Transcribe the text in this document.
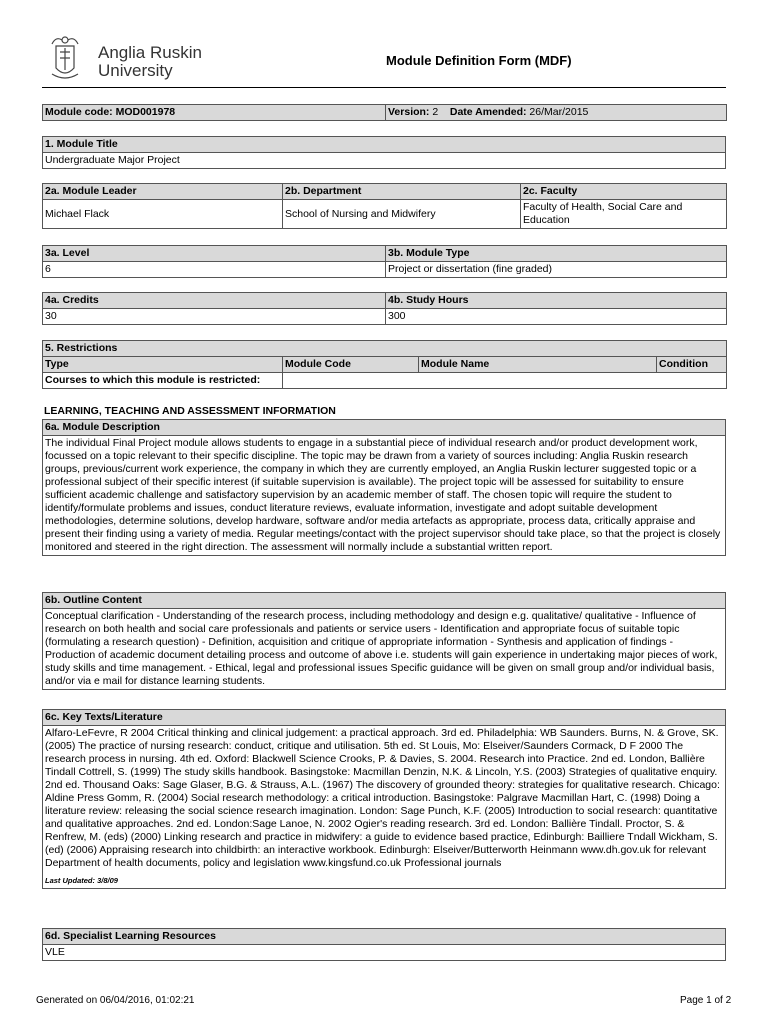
Anglia Ruskin
University
Module Definition Form (MDF)
Module code: MOD001978	Version: 2 Date Amended: 26/Mar/2015
1. Module Title
Undergraduate Major Project
2a. Module Leader	2b. Department	2c. Faculty
Michael Flack	School of Nursing and Midwifery	Faculty of Health, Social Care and Education
3a. Level	3b. Module Type
6	Project or dissertation (fine graded)
4a. Credits	4b. Study Hours
30	300
5. Restrictions			
Type	Module Code	Module Name	Condition
Courses to which this module is restricted:			
LEARNING, TEACHING AND ASSESSMENT INFORMATION
6a. Module Description
The individual Final Project module allows students to engage in a substantial piece of individual research and/or product development work, focussed on a topic relevant to their specific discipline. The topic may be drawn from a variety of sources including: Anglia Ruskin research groups, previous/current work experience, the company in which they are currently employed, an Anglia Ruskin lecturer suggested topic or a professional subject of their specific interest (if suitable supervision is available). The project topic will be assessed for suitability to ensure sufficient academic challenge and satisfactory supervision by an academic member of staff. The chosen topic will require the student to identify/formulate problems and issues, conduct literature reviews, evaluate information, investigate and adopt suitable development methodologies, determine solutions, develop hardware, software and/or media artefacts as appropriate, process data, critically appraise and present their finding using a variety of media. Regular meetings/contact with the project supervisor should take place, so that the project is closely monitored and steered in the right direction. The assessment will normally include a substantial written report.
6b. Outline Content
Conceptual clarification - Understanding of the research process, including methodology and design e.g. qualitative/ qualitative - Influence of research on both health and social care professionals and patients or service users - Identification and appropriate focus of suitable topic (formulating a research question) - Definition, acquisition and critique of appropriate information - Synthesis and application of findings - Production of academic document detailing process and outcome of above i.e. students will gain experience in undertaking major pieces of work, study skills and time management. - Ethical, legal and professional issues Specific guidance will be given on small group and/or individual basis, and/or via e mail for distance learning students.
6c. Key Texts/Literature
Alfaro-LeFevre, R 2004 Critical thinking and clinical judgement: a practical approach. 3rd ed. Philadelphia: WB Saunders. Burns, N. & Grove, SK. (2005) The practice of nursing research: conduct, critique and utilisation. 5th ed. St Louis, Mo: Elseiver/Saunders Cormack, D F 2000 The research process in nursing. 4th ed. Oxford: Blackwell Science Crooks, P. & Davies, S. 2004. Research into Practice. 2nd ed. London, Ballière Tindall Cottrell, S. (1999) The study skills handbook. Basingstoke: Macmillan Denzin, N.K. & Lincoln, Y.S. (2003) Strategies of qualitative enquiry. 2nd ed. Thousand Oaks: Sage Glaser, B.G. & Strauss, A.L. (1967) The discovery of grounded theory: strategies for qualitative research. Chicago: Aldine Press Gomm, R. (2004) Social research methodology: a critical introduction. Basingstoke: Palgrave Macmillan Hart, C. (1998) Doing a literature review: releasing the social science research imagination. London: Sage Punch, K.F. (2005) Introduction to social research: quantitative and qualitative approaches. 2nd ed. London:Sage Lanoe, N. 2002 Ogier's reading research. 3rd ed. London: Ballière Tindall. Proctor, S. & Renfrew, M. (eds) (2000) Linking research and practice in midwifery: a guide to evidence based practice, Edinburgh: Bailliere Tndall Wickham, S. (ed) (2006) Appraising research into childbirth: an interactive workbook. Edinburgh: Elseiver/Butterworth Heinmann www.dh.gov.uk for relevant Department of health documents, policy and legislation www.kingsfund.co.uk Professional journals
Last Updated: 3/8/09
6d. Specialist Learning Resources
VLE
Generated on 06/04/2016, 01:02:21	Page 1 of 2
